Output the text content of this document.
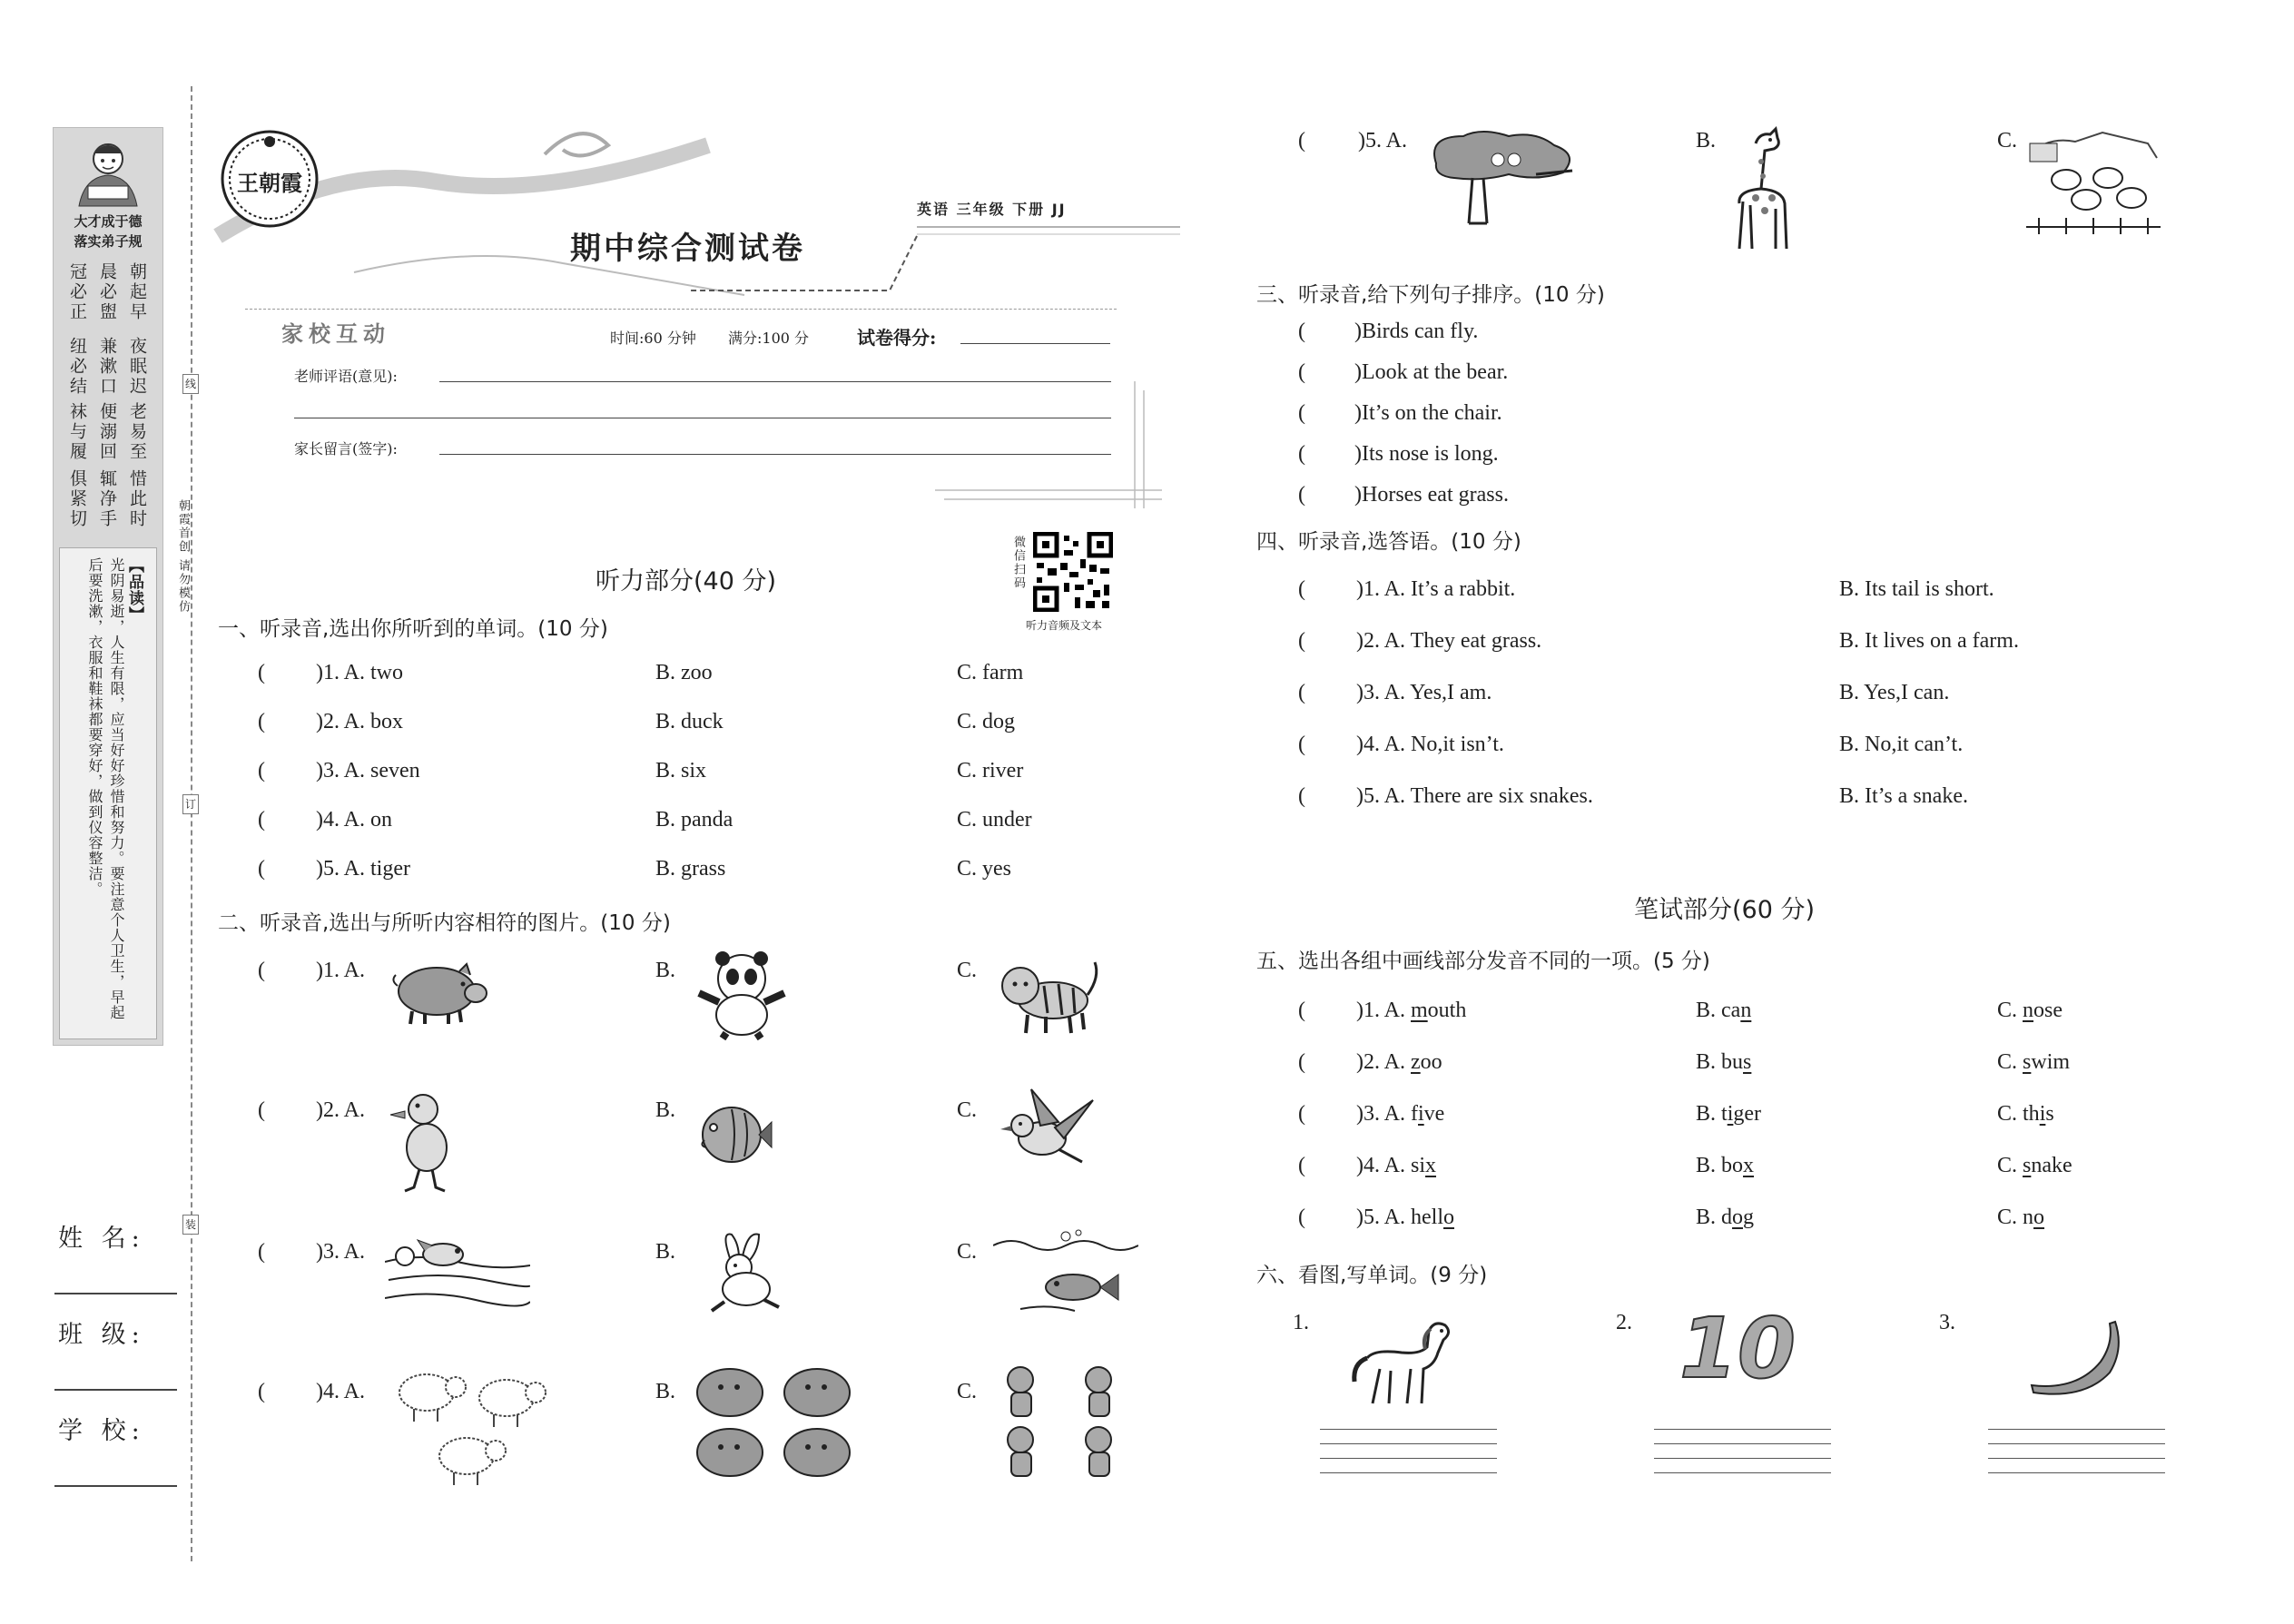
大才成于德
落实弟子规
朝起早
夜眠迟
老易至
惜此时
晨必盥
兼漱口
便溺回
辄净手
冠必正
纽必结
袜与履
俱紧切
【品读】
光阴易逝，人生有限，应当好好珍惜和努力。要注意个人卫生，早起后要洗漱，衣服和鞋袜都要穿好，做到仪容整洁。
线
订
装
朝霞首创 请勿模仿
姓 名:
班 级:
学 校:
王朝霞
期中综合测试卷
英语 三年级 下册 JJ
家校互动	时间:60 分钟 满分:100 分	试卷得分:
老师评语(意见):
家长留言(签字):
听力部分(40 分)	微信扫码
听力音频及文本
一、听录音,选出你所听到的单词。(10 分)
( )1. A. two	B. zoo	C. farm
( )2. A. box	B. duck	C. dog
( )3. A. seven	B. six	C. river
( )4. A. on	B. panda	C. under
( )5. A. tiger	B. grass	C. yes
二、听录音,选出与所听内容相符的图片。(10 分)
( )1. A.	B.	C.
( )2. A.	B.	C.
( )3. A.	B.	C.
( )4. A.	B.	C.
( )5. A.	B.	C.
三、听录音,给下列句子排序。(10 分)
( )Birds can fly.
( )Look at the bear.
( )It’s on the chair.
( )Its nose is long.
( )Horses eat grass.
四、听录音,选答语。(10 分)
( )1. A. It’s a rabbit.	B. Its tail is short.
( )2. A. They eat grass.	B. It lives on a farm.
( )3. A. Yes,I am.	B. Yes,I can.
( )4. A. No,it isn’t.	B. No,it can’t.
( )5. A. There are six snakes.	B. It’s a snake.
笔试部分(60 分)
五、选出各组中画线部分发音不同的一项。(5 分)
( )1. A. mouth	B. can	C. nose
( )2. A. zoo	B. bus	C. swim
( )3. A. five	B. tiger	C. this
( )4. A. six	B. box	C. snake
( )5. A. hello	B. dog	C. no
六、看图,写单词。(9 分)
1.	2. 10	3.
